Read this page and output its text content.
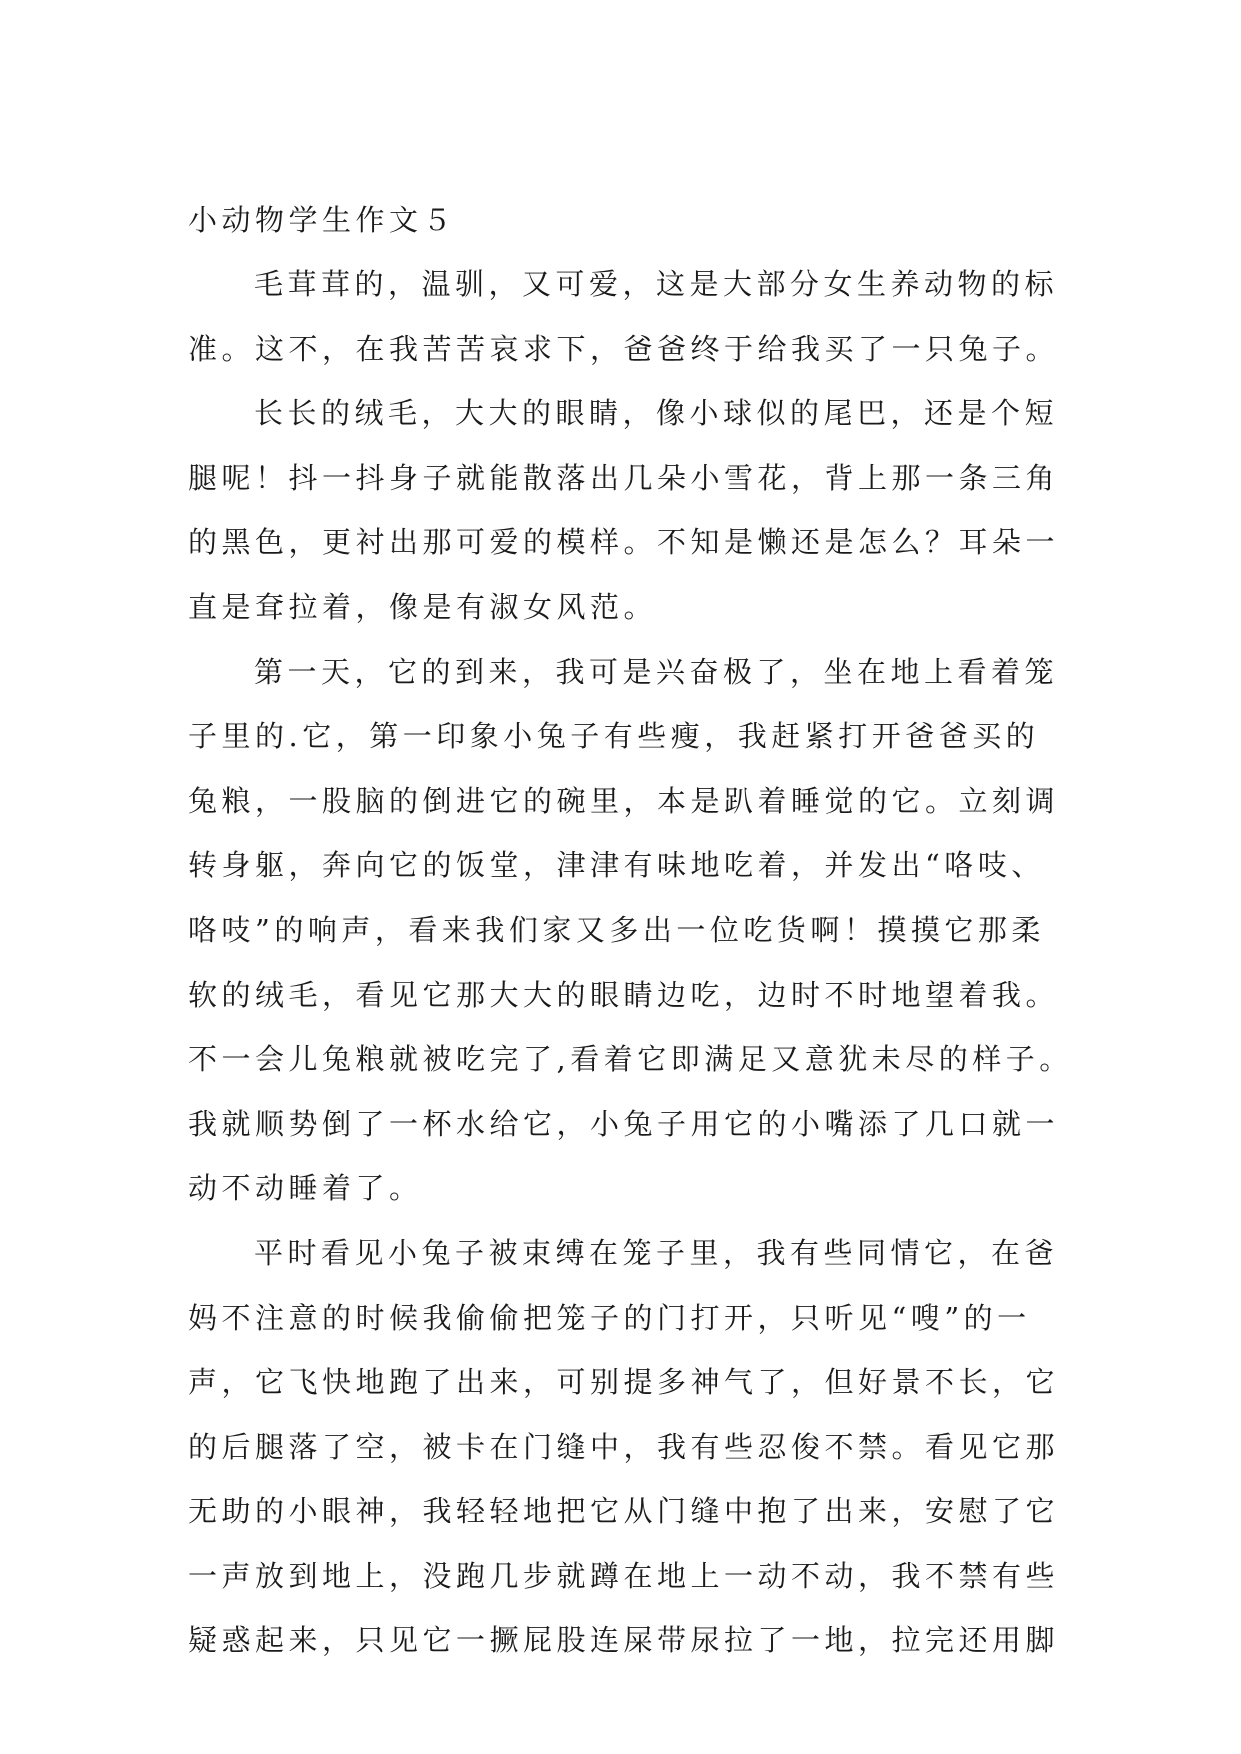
小动物学生作文５
毛茸茸的，温驯，又可爱，这是大部分女生养动物的标
准。这不，在我苦苦哀求下，爸爸终于给我买了一只兔子。
长长的绒毛，大大的眼睛，像小球似的尾巴，还是个短
腿呢！抖一抖身子就能散落出几朵小雪花，背上那一条三角
的黑色，更衬出那可爱的模样。不知是懒还是怎么？耳朵一
直是耷拉着，像是有淑女风范。
第一天，它的到来，我可是兴奋极了，坐在地上看着笼
子里的.它，第一印象小兔子有些瘦，我赶紧打开爸爸买的
兔粮，一股脑的倒进它的碗里，本是趴着睡觉的它。立刻调
转身躯，奔向它的饭堂，津津有味地吃着，并发出“咯吱、
咯吱”的响声，看来我们家又多出一位吃货啊！摸摸它那柔
软的绒毛，看见它那大大的眼睛边吃，边时不时地望着我。
不一会儿兔粮就被吃完了,看着它即满足又意犹未尽的样子。
我就顺势倒了一杯水给它，小兔子用它的小嘴添了几口就一
动不动睡着了。
平时看见小兔子被束缚在笼子里，我有些同情它，在爸
妈不注意的时候我偷偷把笼子的门打开，只听见“嗖”的一
声，它飞快地跑了出来，可别提多神气了，但好景不长，它
的后腿落了空，被卡在门缝中，我有些忍俊不禁。看见它那
无助的小眼神，我轻轻地把它从门缝中抱了出来，安慰了它
一声放到地上，没跑几步就蹲在地上一动不动，我不禁有些
疑惑起来，只见它一撅屁股连屎带尿拉了一地，拉完还用脚
